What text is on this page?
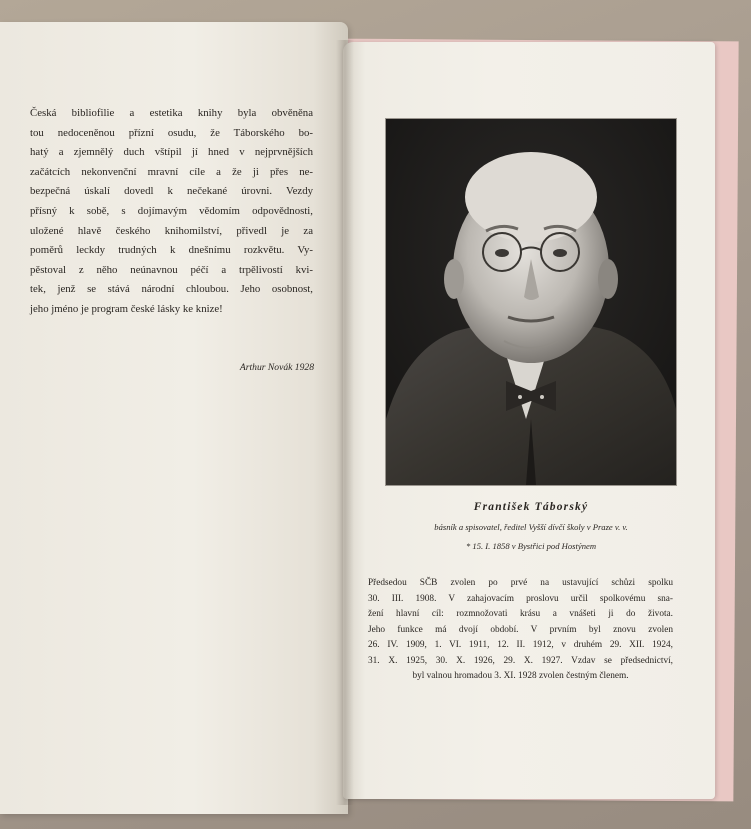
Česká bibliofilie a estetika knihy byla obvěněna
tou nedoceněnou přízní osudu, že Táborského bo-
hatý a zjemnělý duch vštípil jí hned v nejprvnějších
začátcích nekonvenční mravní cíle a že ji přes ne-
bezpečná úskalí dovedl k nečekané úrovni. Vezdy
přísný k sobě, s dojímavým vědomím odpovědnosti,
uložené hlavě českého knihomilství, přivedl je za
poměrů leckdy trudných k dnešnímu rozkvětu. Vy-
pěstoval z něho neúnavnou péčí a trpělivostí kvi-
tek, jenž se stává národní chloubou. Jeho osobnost,
jeho jméno je program české lásky ke knize!
Arthur Novák 1928
František Táborský
básník a spisovatel, ředitel Vyšší dívčí školy v Praze v. v.
* 15. I. 1858 v Bystřici pod Hostýnem
Předsedou SČB zvolen po prvé na ustavující schůzi spolku
30. III. 1908. V zahajovacím proslovu určil spolkovému sna-
žení hlavní cíl: rozmnožovati krásu a vnášeti ji do života.
Jeho funkce má dvojí období. V prvním byl znovu zvolen
26. IV. 1909, 1. VI. 1911, 12. II. 1912, v druhém 29. XII. 1924,
31. X. 1925, 30. X. 1926, 29. X. 1927. Vzdav se předsednictví,
byl valnou hromadou 3. XI. 1928 zvolen čestným členem.
